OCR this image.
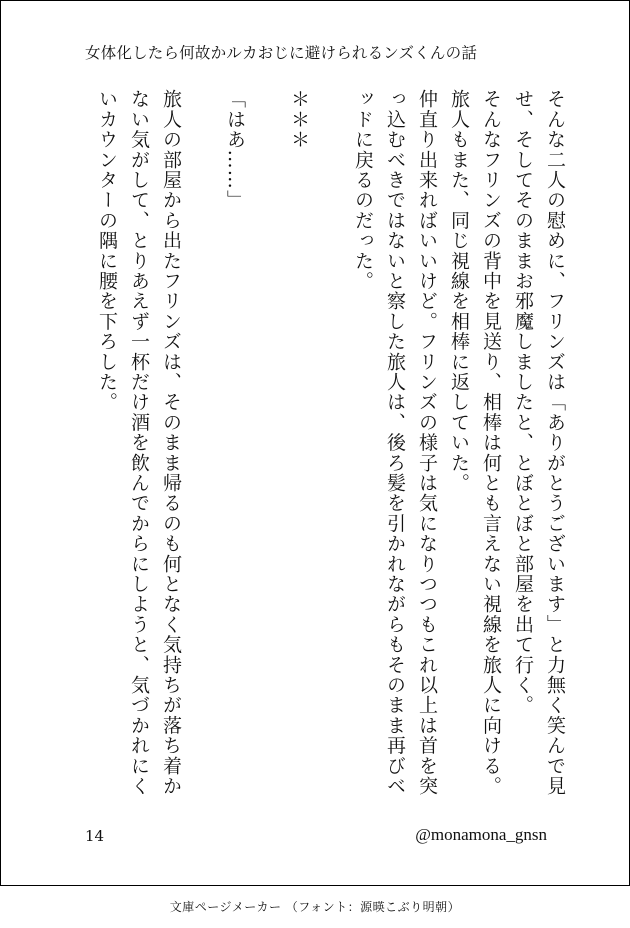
女体化したら何故かルカおじに避けられるンズくんの話

そんな二人の慰めに、フリンズは「ありがとうございます」と力無く笑んで見せ、そしてそのままお邪魔しましたと、とぼとぼと部屋を出て行く。

そんなフリンズの背中を見送り、相棒は何とも言えない視線を旅人に向ける。

旅人もまた、同じ視線を相棒に返していた。

仲直り出来ればいいけど。フリンズの様子は気になりつつもこれ以上は首を突っ込むべきではないと察した旅人は、後ろ髪を引かれながらもそのまま再びベッドに戻るのだった。

＊＊＊

「はあ……」

旅人の部屋から出たフリンズは、そのまま帰るのも何となく気持ちが落ち着かない気がして、とりあえず一杯だけ酒を飲んでからにしようと、気づかれにくいカウンターの隅に腰を下ろした。

14	@monamona_gnsn
文庫ページメーカー （フォント：源暎こぶり明朝）
